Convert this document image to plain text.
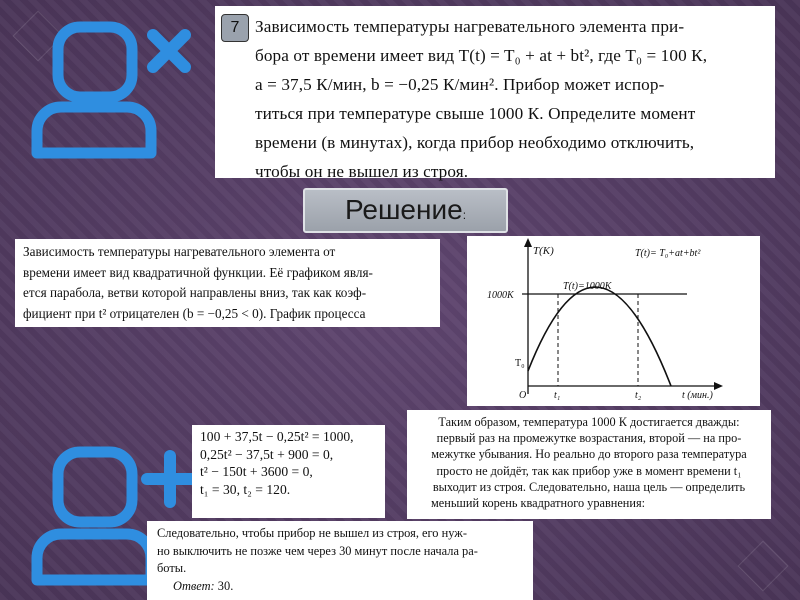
7 Зависимость температуры нагревательного элемента при-
бора от времени имеет вид T(t) = T₀ + at + bt², где T₀ = 100 К,
a = 37,5 К/мин, b = −0,25 К/мин². Прибор может испор-
титься при температуре свыше 1000 К. Определите момент
времени (в минутах), когда прибор необходимо отключить,
чтобы он не вышел из строя.
Решение:
Зависимость температуры нагревательного элемента от
времени имеет вид квадратичной функции. Её графиком явля-
ется парабола, ветви которой направлены вниз, так как коэф-
фициент при t² отрицателен (b = −0,25 < 0). График процесса
T(K)	T(t)= T₀+at+bt²
T(t)=1000K
1000K
T₀
O	t₁	t₂	t (мин.)
Таким образом, температура 1000 К достигается дважды:
первый раз на промежутке возрастания, второй — на про-
межутке убывания. Но реально до второго раза температура
просто не дойдёт, так как прибор уже в момент времени t₁
выходит из строя. Следовательно, наша цель — определить
меньший корень квадратного уравнения:
100 + 37,5t − 0,25t² = 1000,
0,25t² − 37,5t + 900 = 0,
t² − 150t + 3600 = 0,
t₁ = 30, t₂ = 120.
Следовательно, чтобы прибор не вышел из строя, его нуж-
но выключить не позже чем через 30 минут после начала ра-
боты.
Ответ: 30.
